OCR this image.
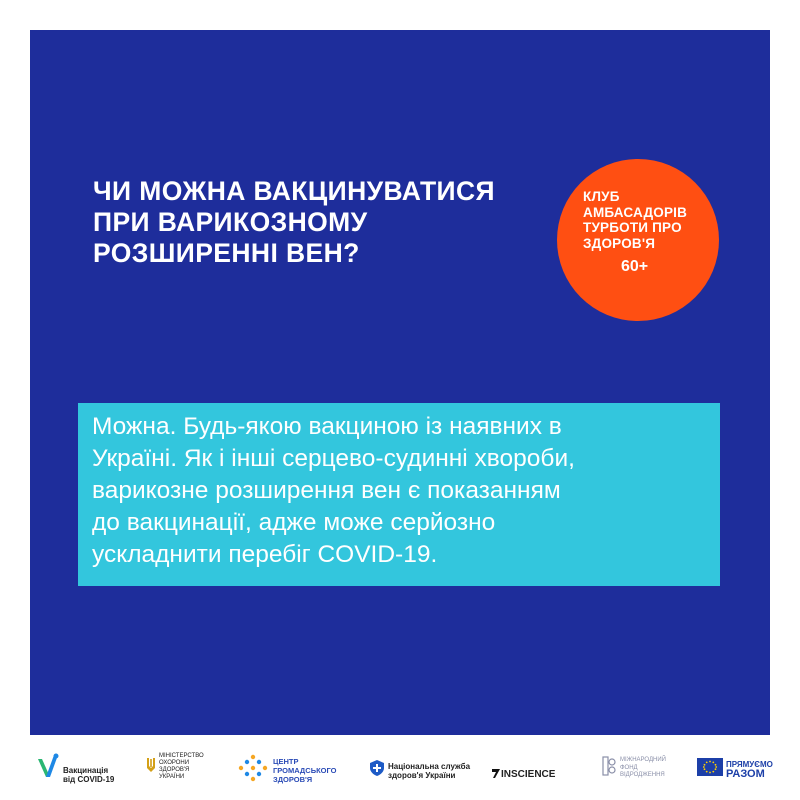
ЧИ МОЖНА ВАКЦИНУВАТИСЯ
ПРИ ВАРИКОЗНОМУ
РОЗШИРЕННІ ВЕН?
КЛУБ
АМБАСАДОРІВ
ТУРБОТИ ПРО
ЗДОРОВ'Я
60+
Можна. Будь-якою вакциною із наявних в
Україні. Як і інші серцево-судинні хвороби,
варикозне розширення вен є показанням
до вакцинації, адже може серйозно
ускладнити перебіг COVID-19.
Вакцинація
від COVID-19
МІНІСТЕРСТВО
ОХОРОНИ
ЗДОРОВ'Я
УКРАЇНИ
ЦЕНТР
ГРОМАДСЬКОГО
ЗДОРОВ'Я
Національна служба
здоров'я України	INSCIENCE
МІЖНАРОДНИЙ
ФОНД
ВІДРОДЖЕННЯ
ПРЯМУЄМО
РАЗОМ
